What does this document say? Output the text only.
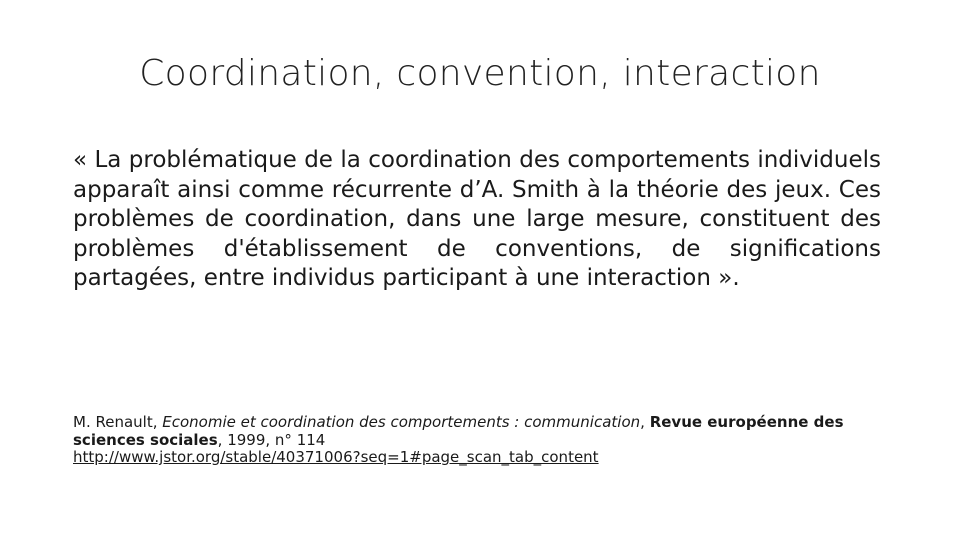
Coordination, convention, interaction
« La problématique de la coordination des comportements individuels apparaît ainsi comme récurrente d’A. Smith à la théorie des jeux. Ces problèmes de coordination, dans une large mesure, constituent des problèmes d'établissement de conventions, de significations partagées, entre individus participant à une interaction ».
M. Renault, Economie et coordination des comportements : communication, Revue européenne des sciences sociales, 1999, n° 114
http://www.jstor.org/stable/40371006?seq=1#page_scan_tab_content
